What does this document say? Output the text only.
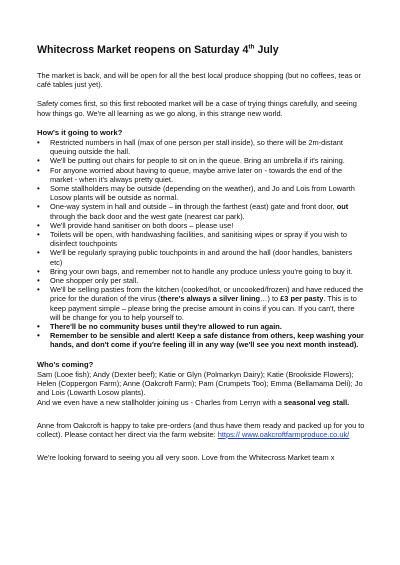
Whitecross Market reopens on Saturday 4th July

The market is back, and will be open for all the best local produce shopping (but no coffees, teas or café tables just yet).

Safety comes first, so this first rebooted market will be a case of trying things carefully, and seeing how things go. We're all learning as we go along, in this strange new world.

How's it going to work?
• Restricted numbers in hall (max of one person per stall inside), so there will be 2m-distant queuing outside the hall.
• We'll be putting out chairs for people to sit on in the queue. Bring an umbrella if it's raining.
• For anyone worried about having to queue, maybe arrive later on - towards the end of the market - when it's always pretty quiet.
• Some stallholders may be outside (depending on the weather), and Jo and Lois from Lowarth Losow plants will be outside as normal.
• One-way system in hall and outside – in through the farthest (east) gate and front door, out through the back door and the west gate (nearest car park).
• We'll provide hand sanitiser on both doors – please use!
• Toilets will be open, with handwashing facilities, and sanitising wipes or spray if you wish to disinfect touchpoints
• We'll be regularly spraying public touchpoints in and around the hall (door handles, banisters etc)
• Bring your own bags, and remember not to handle any produce unless you're going to buy it.
• One shopper only per stall.
• We'll be selling pasties from the kitchen (cooked/hot, or uncooked/frozen) and have reduced the price for the duration of the virus (there's always a silver lining…) to £3 per pasty. This is to keep payment simple – please bring the precise amount in coins if you can. If you can't, there will be change for you to help yourself to.
• There'll be no community buses until they're allowed to run again.
• Remember to be sensible and alert! Keep a safe distance from others, keep washing your hands, and don't come if you're feeling ill in any way (we'll see you next month instead).
Who's coming?

Sam (Looe fish); Andy (Dexter beef); Katie or Glyn (Polmarkyn Dairy); Katie (Brookside Flowers); Helen (Coppergon Farm); Anne (Oakcroft Farm); Pam (Crumpets Too); Emma (Bellamama Deli); Jo and Lois (Lowarth Losow plants).
And we even have a new stallholder joining us - Charles from Lerryn with a seasonal veg stall.

Anne from Oakcroft is happy to take pre-orders (and thus have them ready and packed up for you to collect). Please contact her direct via the farm website: https:// www.oakcroftfarmproduce.co.uk/

We're looking forward to seeing you all very soon. Love from the Whitecross Market team x
